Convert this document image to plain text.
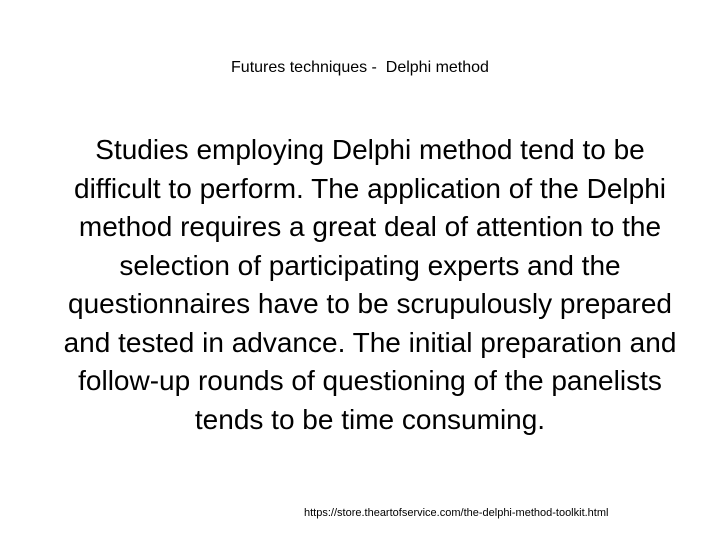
Futures techniques -  Delphi method
Studies employing Delphi method tend to be difficult to perform. The application of the Delphi method requires a great deal of attention to the selection of participating experts and the questionnaires have to be scrupulously prepared and tested in advance. The initial preparation and follow-up rounds of questioning of the panelists tends to be time consuming.
https://store.theartofservice.com/the-delphi-method-toolkit.html
